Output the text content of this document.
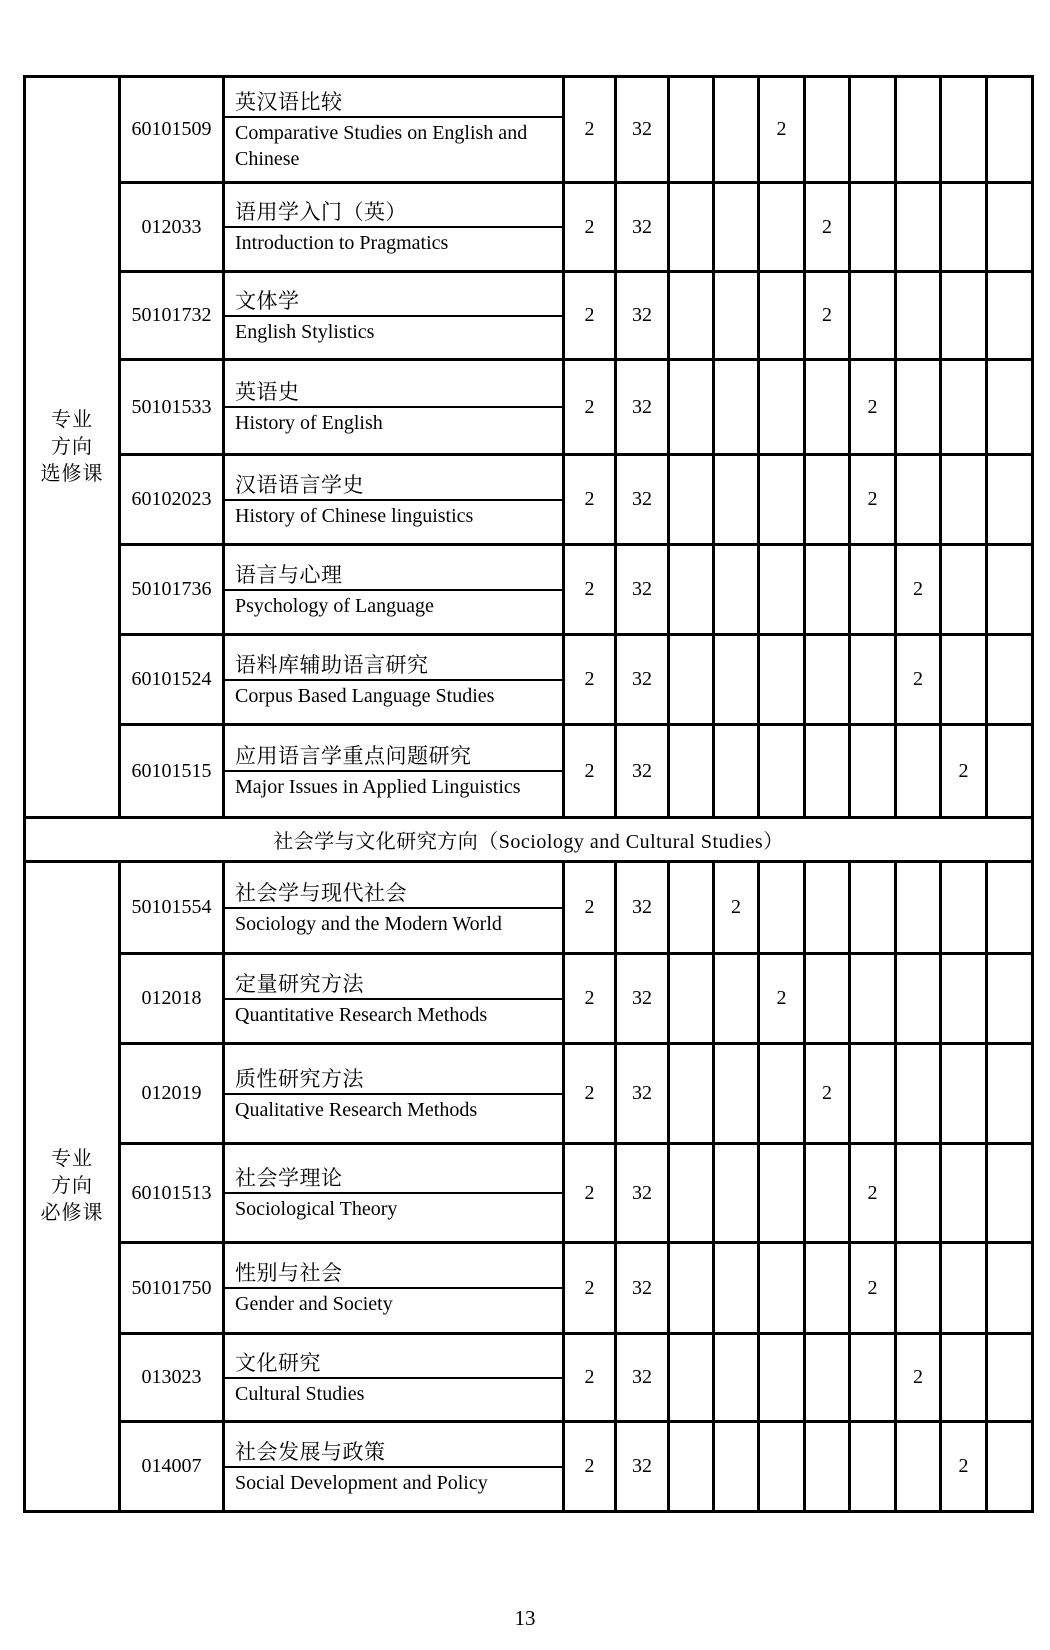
专业
方向
选修课
	60101509	
英汉语比较
Comparative Studies on English and Chinese
	2	32			2					
	012033	语用学入门（英）
Introduction to Pragmatics	2	32				2				
	50101732	文体学
English Stylistics	2	32				2				
	50101533	英语史
History of English	2	32					2			
	60102023	汉语语言学史
History of Chinese linguistics	2	32					2			
	50101736	语言与心理
Psychology of Language	2	32						2		
	60101524	语料库辅助语言研究
Corpus Based Language Studies	2	32						2		
	60101515	应用语言学重点问题研究
Major Issues in Applied Linguistics	2	32							2	
社会学与文化研究方向（Sociology and Cultural Studies）												

专业
方向
必修课
	50101554	
社会学与现代社会
Sociology and the Modern World
	2	32		2						
	012018	定量研究方法
Quantitative Research Methods	2	32			2					
	012019	质性研究方法
Qualitative Research Methods	2	32				2				
	60101513	社会学理论
Sociological Theory	2	32					2			
	50101750	性别与社会
Gender and Society	2	32					2			
	013023	文化研究
Cultural Studies	2	32						2		
	014007	社会发展与政策
Social Development and Policy	2	32							2	
13
